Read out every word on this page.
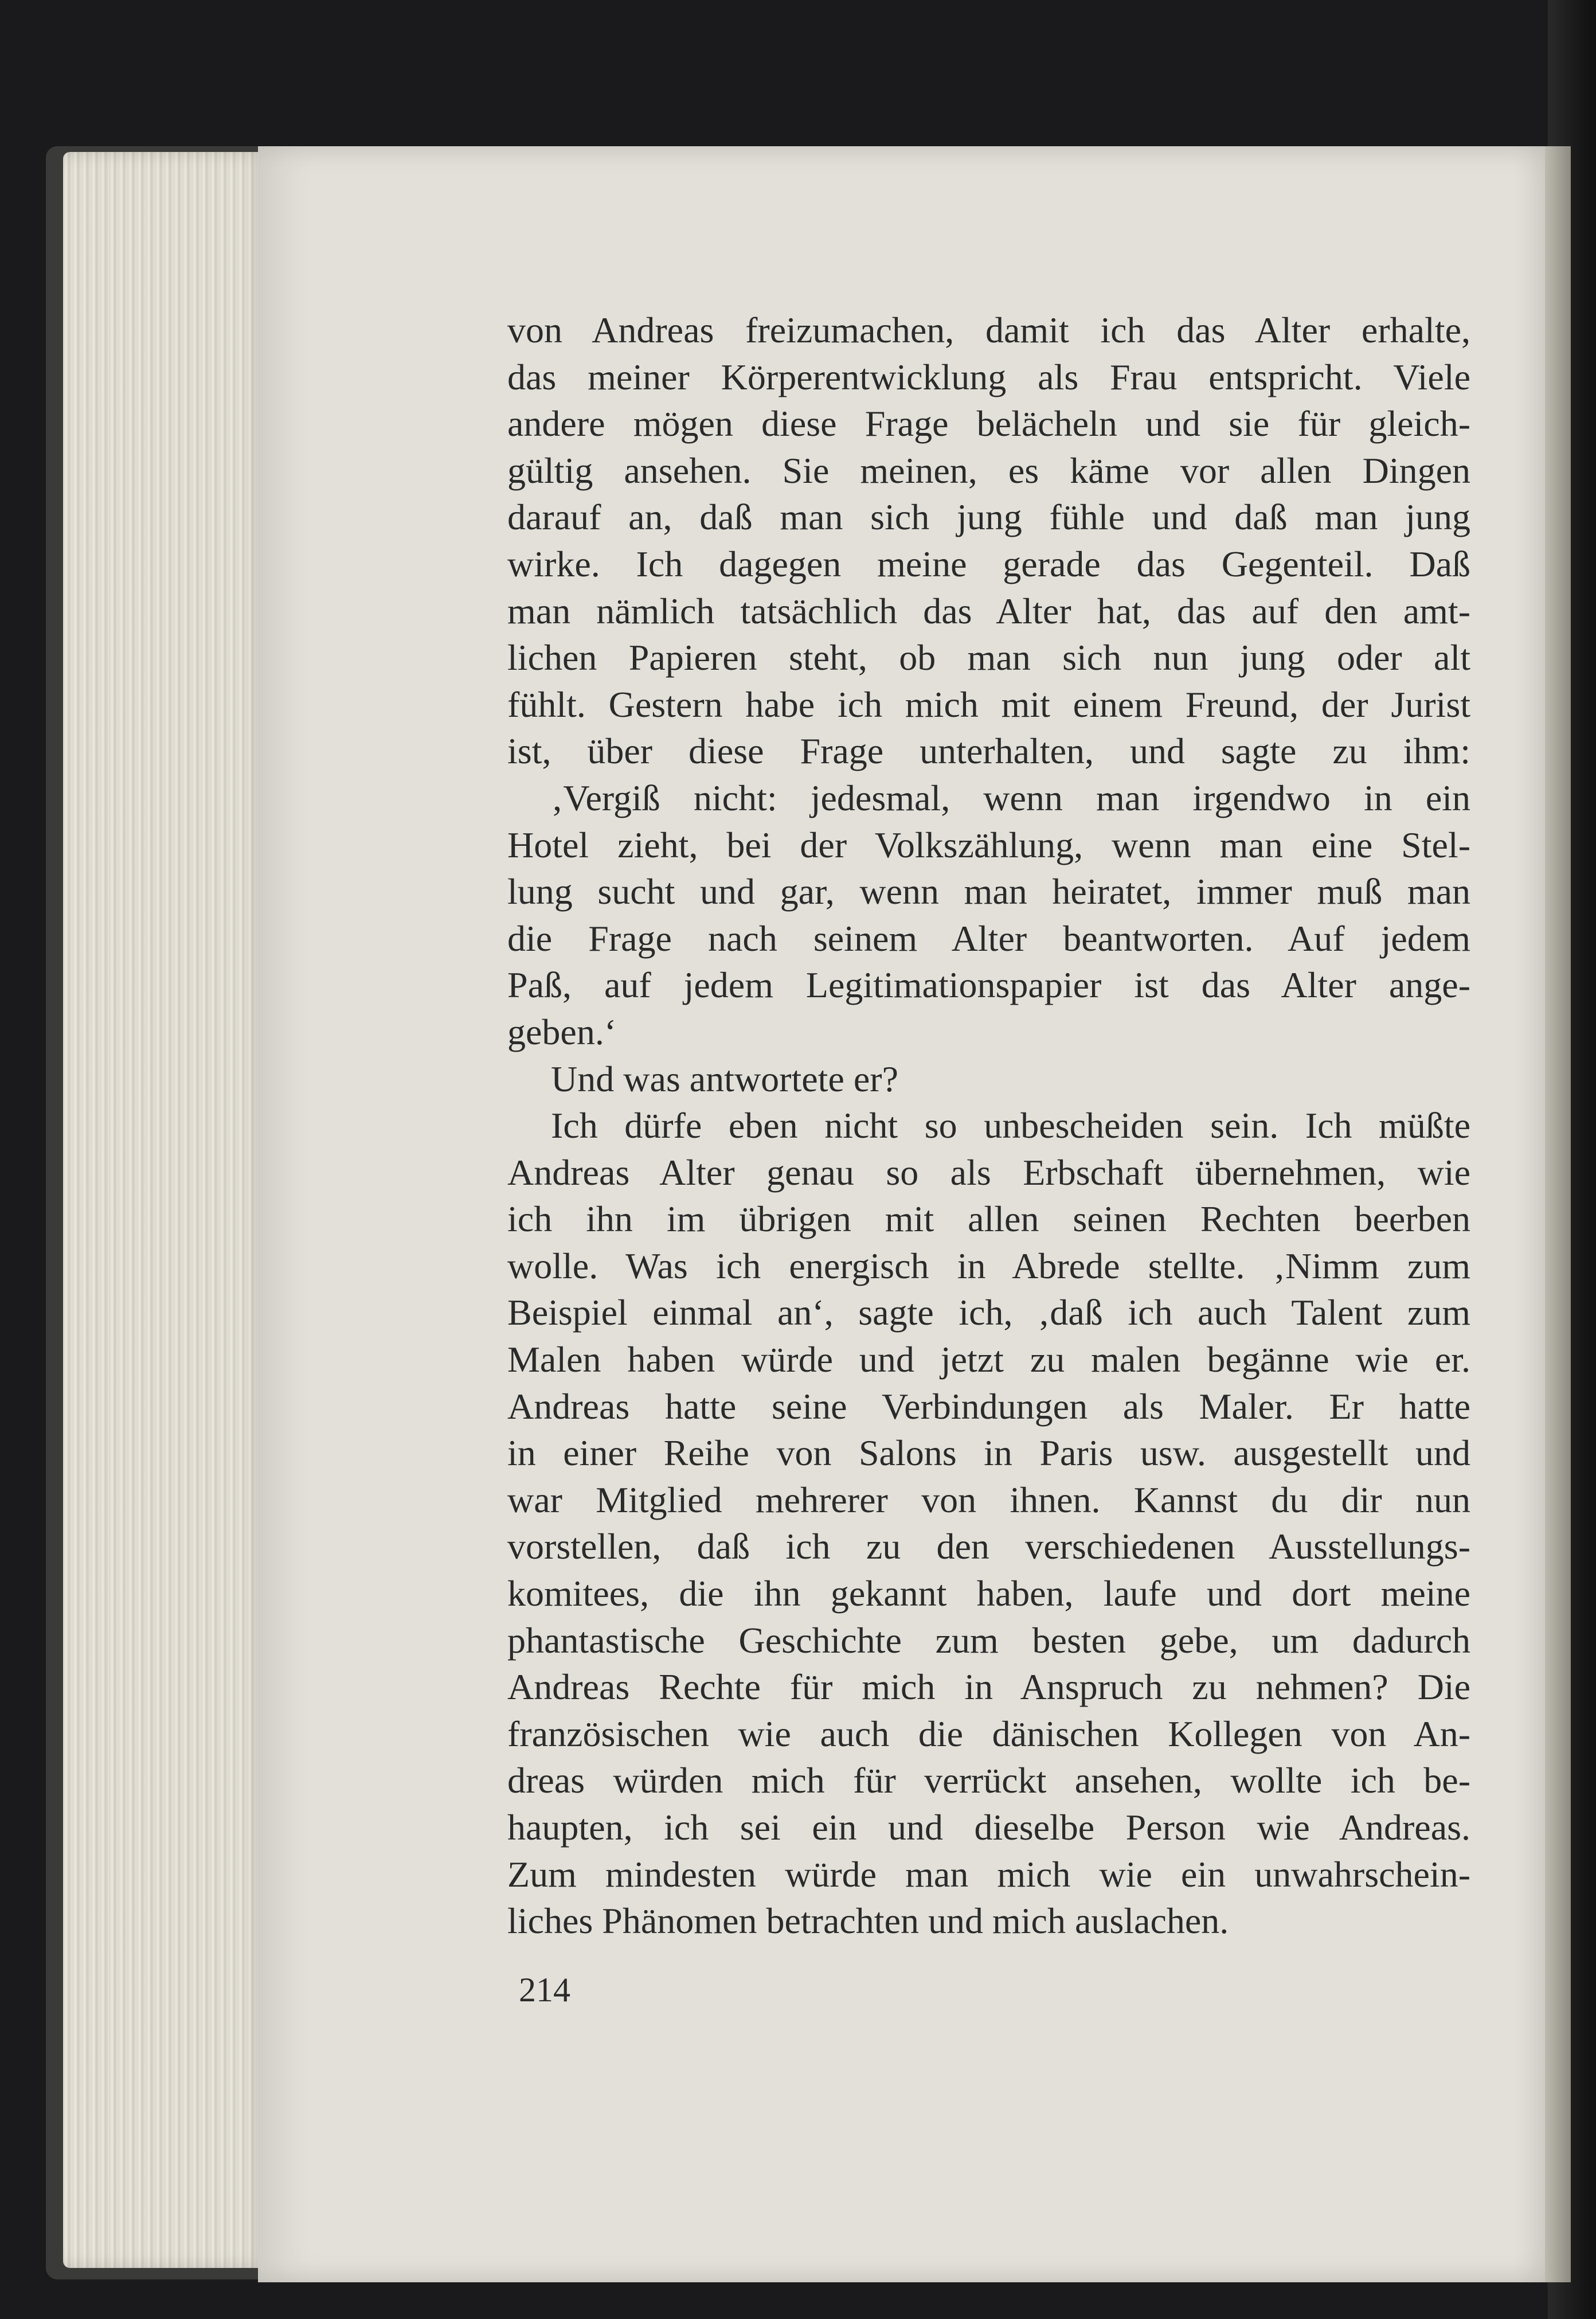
von Andreas freizumachen, damit ich das Alter erhalte,
das meiner Körperentwicklung als Frau entspricht. Viele
andere mögen diese Frage belächeln und sie für gleich-
gültig ansehen. Sie meinen, es käme vor allen Dingen
darauf an, daß man sich jung fühle und daß man jung
wirke. Ich dagegen meine gerade das Gegenteil. Daß
man nämlich tatsächlich das Alter hat, das auf den amt-
lichen Papieren steht, ob man sich nun jung oder alt
fühlt. Gestern habe ich mich mit einem Freund, der Jurist
ist, über diese Frage unterhalten, und sagte zu ihm:
‚Vergiß nicht: jedesmal, wenn man irgendwo in ein
Hotel zieht, bei der Volkszählung, wenn man eine Stel-
lung sucht und gar, wenn man heiratet, immer muß man
die Frage nach seinem Alter beantworten. Auf jedem
Paß, auf jedem Legitimationspapier ist das Alter ange-
geben.‘
Und was antwortete er?
Ich dürfe eben nicht so unbescheiden sein. Ich müßte
Andreas Alter genau so als Erbschaft übernehmen, wie
ich ihn im übrigen mit allen seinen Rechten beerben
wolle. Was ich energisch in Abrede stellte. ‚Nimm zum
Beispiel einmal an‘, sagte ich, ‚daß ich auch Talent zum
Malen haben würde und jetzt zu malen begänne wie er.
Andreas hatte seine Verbindungen als Maler. Er hatte
in einer Reihe von Salons in Paris usw. ausgestellt und
war Mitglied mehrerer von ihnen. Kannst du dir nun
vorstellen, daß ich zu den verschiedenen Ausstellungs-
komitees, die ihn gekannt haben, laufe und dort meine
phantastische Geschichte zum besten gebe, um dadurch
Andreas Rechte für mich in Anspruch zu nehmen? Die
französischen wie auch die dänischen Kollegen von An-
dreas würden mich für verrückt ansehen, wollte ich be-
haupten, ich sei ein und dieselbe Person wie Andreas.
Zum mindesten würde man mich wie ein unwahrschein-
liches Phänomen betrachten und mich auslachen.
214
